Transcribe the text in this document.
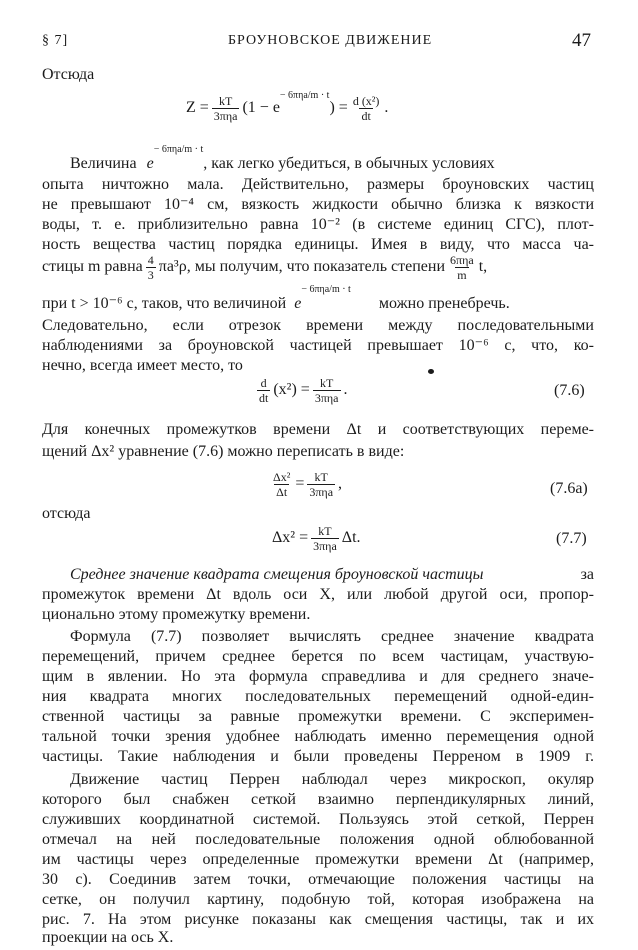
§ 7]	БРОУНОВСКОЕ ДВИЖЕНИЕ	47
Отсюда
$Z = \frac{kT}{\text{3πηa}} (1 - e$
$^{- 6\pi\eta a/m \cdot t}$
) = $\frac{\text{d (x²)}}{dt}$ .
Величина $e^{- 6\pi\eta a/m \cdot t}$, как легко убедиться, в обычных условиях
опыта ничтожно мала. Действительно, размеры броуновских частиц
не превышают 10⁻⁴ см, вязкость жидкости обычно близка к вязкости
воды, т. е. приблизительно равна 10⁻² (в системе единиц СГС), плот-
ность вещества частиц порядка единицы. Имея в виду, что масса ча-
стицы m равна $\frac{4}{3} \pi a^3\rho$, мы получим, что показатель степени $\frac{\text{6πηa}}{m} t$,
при t > 10⁻⁶ с, таков, что величиной $e^{- 6\pi\eta a/m \cdot t}$ можно пренебречь.
Следовательно, если отрезок времени между последовательными
наблюдениями за броуновской частицей превышает 10⁻⁶ с, что, ко-
нечно, всегда имеет место, то
$\frac{d}{dt} (x^2) = \frac{kT}{\text{3πηa}}$ .	(7.6)
Для конечных промежутков времени Δt и соответствующих переме-
щений Δx² уравнение (7.6) можно переписать в виде:
$\frac{\text{Δx²}}{\Delta t} = \frac{kT}{\text{3πηa}}$ ,	(7.6а)
отсюда
$\Delta x^2 = \frac{kT}{\text{3πηa}} \Delta t$.	(7.7)
Среднее значение квадрата смещения броуновской частицы	за
промежуток времени Δt вдоль оси X, или любой другой оси, пропор-
ционально этому промежутку времени.
Формула (7.7) позволяет вычислять среднее значение квадрата
перемещений, причем среднее берется по всем частицам, участвую-
щим в явлении. Но эта формула справедлива и для среднего значе-
ния квадрата многих последовательных перемещений одной-един-
ственной частицы за равные промежутки времени. С эксперимен-
тальной точки зрения удобнее наблюдать именно перемещения одной
частицы. Такие наблюдения и были проведены Перреном в 1909 г.
Движение частиц Перрен наблюдал через микроскоп, окуляр
которого был снабжен сеткой взаимно перпендикулярных линий,
служивших координатной системой. Пользуясь этой сеткой, Перрен
отмечал на ней последовательные положения одной облюбованной
им частицы через определенные промежутки времени Δt (например,
30 с). Соединив затем точки, отмечающие положения частицы на
сетке, он получил картину, подобную той, которая изображена на
рис. 7. На этом рисунке показаны как смещения частицы, так и их
проекции на ось X.
